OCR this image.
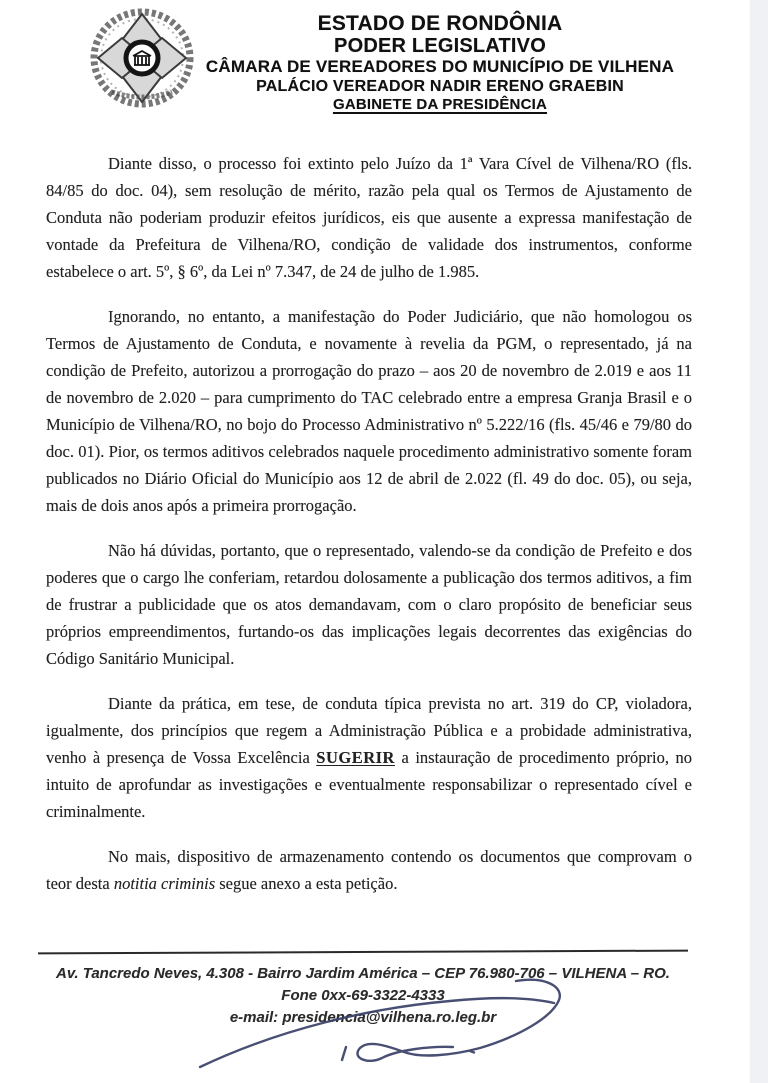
ESTADO DE RONDÔNIA
PODER LEGISLATIVO
CÂMARA DE VEREADORES DO MUNICÍPIO DE VILHENA
PALÁCIO VEREADOR NADIR ERENO GRAEBIN
GABINETE DA PRESIDÊNCIA

Diante disso, o processo foi extinto pelo Juízo da 1ª Vara Cível de Vilhena/RO (fls. 84/85 do doc. 04), sem resolução de mérito, razão pela qual os Termos de Ajustamento de Conduta não poderiam produzir efeitos jurídicos, eis que ausente a expressa manifestação de vontade da Prefeitura de Vilhena/RO, condição de validade dos instrumentos, conforme estabelece o art. 5º, § 6º, da Lei nº 7.347, de 24 de julho de 1.985.

Ignorando, no entanto, a manifestação do Poder Judiciário, que não homologou os Termos de Ajustamento de Conduta, e novamente à revelia da PGM, o representado, já na condição de Prefeito, autorizou a prorrogação do prazo – aos 20 de novembro de 2.019 e aos 11 de novembro de 2.020 – para cumprimento do TAC celebrado entre a empresa Granja Brasil e o Município de Vilhena/RO, no bojo do Processo Administrativo nº 5.222/16 (fls. 45/46 e 79/80 do doc. 01). Pior, os termos aditivos celebrados naquele procedimento administrativo somente foram publicados no Diário Oficial do Município aos 12 de abril de 2.022 (fl. 49 do doc. 05), ou seja, mais de dois anos após a primeira prorrogação.

Não há dúvidas, portanto, que o representado, valendo-se da condição de Prefeito e dos poderes que o cargo lhe conferiam, retardou dolosamente a publicação dos termos aditivos, a fim de frustrar a publicidade que os atos demandavam, com o claro propósito de beneficiar seus próprios empreendimentos, furtando-os das implicações legais decorrentes das exigências do Código Sanitário Municipal.

Diante da prática, em tese, de conduta típica prevista no art. 319 do CP, violadora, igualmente, dos princípios que regem a Administração Pública e a probidade administrativa, venho à presença de Vossa Excelência SUGERIR a instauração de procedimento próprio, no intuito de aprofundar as investigações e eventualmente responsabilizar o representado cível e criminalmente.

No mais, dispositivo de armazenamento contendo os documentos que comprovam o teor desta notitia criminis segue anexo a esta petição.

Av. Tancredo Neves, 4.308 - Bairro Jardim América – CEP 76.980-706 – VILHENA – RO.
Fone 0xx-69-3322-4333
e-mail: presidencia@vilhena.ro.leg.br
